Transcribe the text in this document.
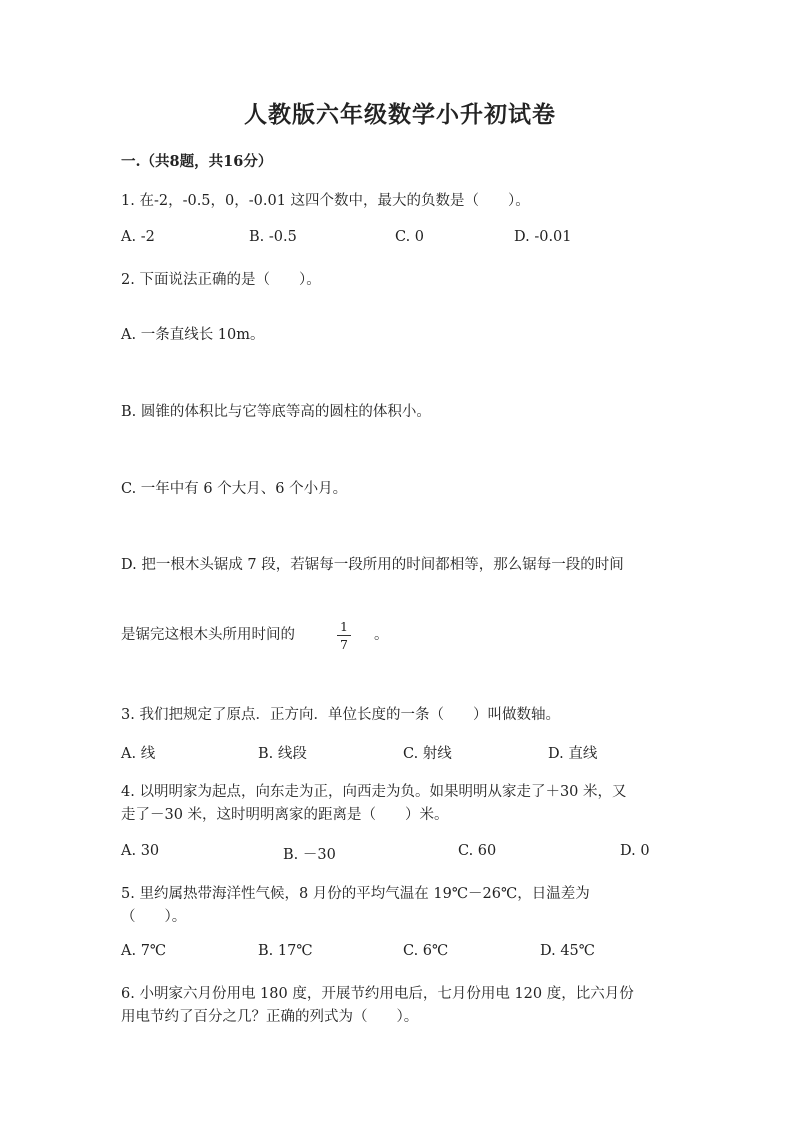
人教版六年级数学小升初试卷
一.（共8题，共16分）
1. 在-2，-0.5，0，-0.01 这四个数中，最大的负数是（　　）。
A. -2	B. -0.5	C. 0	D. -0.01
2. 下面说法正确的是（　　）。
A. 一条直线长 10m。
B. 圆锥的体积比与它等底等高的圆柱的体积小。
C. 一年中有 6 个大月、6 个小月。
D. 把一根木头锯成 7 段，若锯每一段所用的时间都相等，那么锯每一段的时间
是锯完这根木头所用时间的
1
7
。
3. 我们把规定了原点．正方向．单位长度的一条（　　）叫做数轴。
A. 线	B. 线段	C. 射线	D. 直线
4. 以明明家为起点，向东走为正，向西走为负。如果明明从家走了＋30 米，又
走了－30 米，这时明明离家的距离是（　　）米。
A. 30	B. －30	C. 60	D. 0
5. 里约属热带海洋性气候，8 月份的平均气温在 19℃－26℃，日温差为
（　　）。
A. 7℃	B. 17℃	C. 6℃	D. 45℃
6. 小明家六月份用电 180 度，开展节约用电后，七月份用电 120 度，比六月份
用电节约了百分之几？正确的列式为（　　）。
